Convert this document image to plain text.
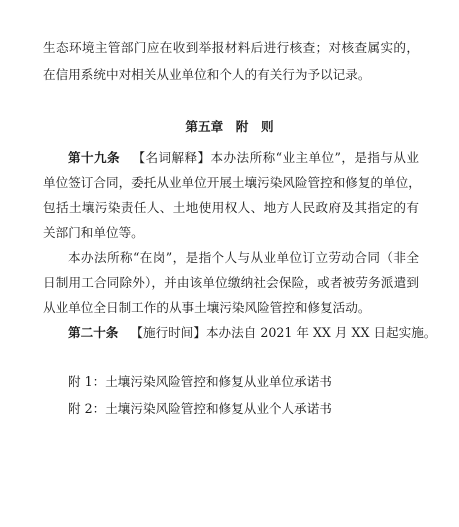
生态环境主管部门应在收到举报材料后进行核查；对核查属实的，
在信用系统中对相关从业单位和个人的有关行为予以记录。
第五章　附　则
第十九条 【名词解释】本办法所称“业主单位”，是指与从业
单位签订合同，委托从业单位开展土壤污染风险管控和修复的单位，
包括土壤污染责任人、土地使用权人、地方人民政府及其指定的有
关部门和单位等。
本办法所称“在岗”，是指个人与从业单位订立劳动合同（非全
日制用工合同除外），并由该单位缴纳社会保险，或者被劳务派遣到
从业单位全日制工作的从事土壤污染风险管控和修复活动。
第二十条 【施行时间】本办法自 2021 年 XX 月 XX 日起实施。
附 1：土壤污染风险管控和修复从业单位承诺书
附 2：土壤污染风险管控和修复从业个人承诺书
